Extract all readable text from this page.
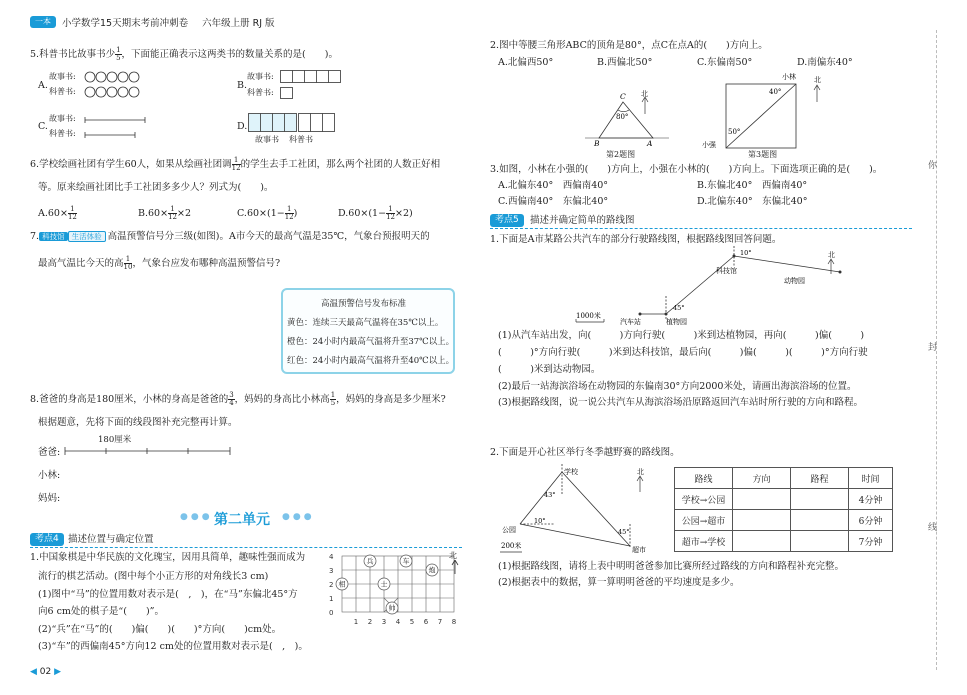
一本	小学数学15天期末考前冲刺卷 六年级上册 RJ 版
5.科普书比故事书少 $\frac{1}{5}$ ，下面能正确表示这两类书的数量关系的是(　　)。
A.
故事书:
科普书:
B.
故事书:
科普书:
C.
故事书:
科普书:
D.
故事书 科普书
6.学校绘画社团有学生60人，如果从绘画社团调 $\frac{1}{12}$ 的学生去手工社团，那么两个社团的人数正好相
等。原来绘画社团比手工社团多多少人？列式为(　　)。
$A.60\times \frac{1}{12}$	$B.60\times \frac{1}{12} \times 2$	$C.60\times(1- \frac{1}{12}$ )	$D.60\times(1- \frac{1}{12} \times 2)$
7. 科技馆 生活体验 高温预警信号分三级(如图)。A市今天的最高气温是35℃，气象台预报明天的
最高气温比今天的高 $\frac{1}{10}$ ，气象台应发布哪种高温预警信号?
高温预警信号发布标准
黄色：连续三天最高气温将在35℃以上。
橙色：24小时内最高气温将升至37℃以上。
红色：24小时内最高气温将升至40℃以上。
8.爸爸的身高是180厘米，小林的身高是爸爸的 $\frac{3}{4}$ ，妈妈的身高比小林高 $\frac{1}{5}$ ，妈妈的身高是多少厘米?
根据题意，先将下面的线段图补充完整再计算。
180厘米
爸爸:
小林:
妈妈:
●●● 第二单元 ●●●
考点4 描述位置与确定位置
1.中国象棋是中华民族的文化瑰宝，因用具简单，趣味性强而成为
流行的棋艺活动。(图中每个小正方形的对角线长3 cm)
(1)图中“马”的位置用数对表示是(　,　)，在“马”东偏北45°方
向6 cm处的棋子是“(　　)”。
(2)“兵”在“马”的(　　)偏(　　)(　　)°方向(　　)cm处。
(3)“车”的西偏南45°方向12 cm处的位置用数对表示是(　,　)。
兵	车
炮
相	士
帅
4
3
2
1
0
1 2 3 4 5 6 7 8
北
◀ 02 ▶
2.图中等腰三角形ABC的顶角是80°，点C在点A的(　　)方向上。
A.北偏西50°	B.西偏北50°	C.东偏南50°	D.南偏东40°
C
B	A
80°
北
第2题图
小林
小强
40°
50°
北
第3题图
3.如图，小林在小强的(　　)方向上，小强在小林的(　　)方向上。下面选项正确的是(　　)。
A.北偏东40°　西偏南40°	B.东偏北40°　西偏南40°
C.西偏南40°　东偏北40°	D.北偏东40°　东偏北40°
考点5	描述并确定简单的路线图
1.下面是A市某路公共汽车的部分行驶路线图，根据路线图回答问题。
汽车站	植物园
科技馆
动物园
10°
45°
北
1000米
(1)从汽车站出发，向(　　　)方向行驶(　　　)米到达植物园，再向(　　　)偏(　　　)
(　　　)°方向行驶(　　　)米到达科技馆，最后向(　　　)偏(　　　)(　　　)°方向行驶
(　　　)米到达动物园。
(2)最后一站海滨浴场在动物园的东偏南30°方向2000米处，请画出海滨浴场的位置。
(3)根据路线图，说一说公共汽车从海滨浴场沿原路返回汽车站时所行驶的方向和路程。
2.下面是开心社区举行冬季越野赛的路线图。
学校
公园
超市
43°
10°
45°
北
200米
路线	方向	路程	时间
学校→公园			4分钟
公园→超市			6分钟
超市→学校			7分钟
(1)根据路线图，请将上表中明明爸爸参加比赛所经过路线的方向和路程补充完整。
(2)根据表中的数据，算一算明明爸爸的平均速度是多少。
你
封
线
